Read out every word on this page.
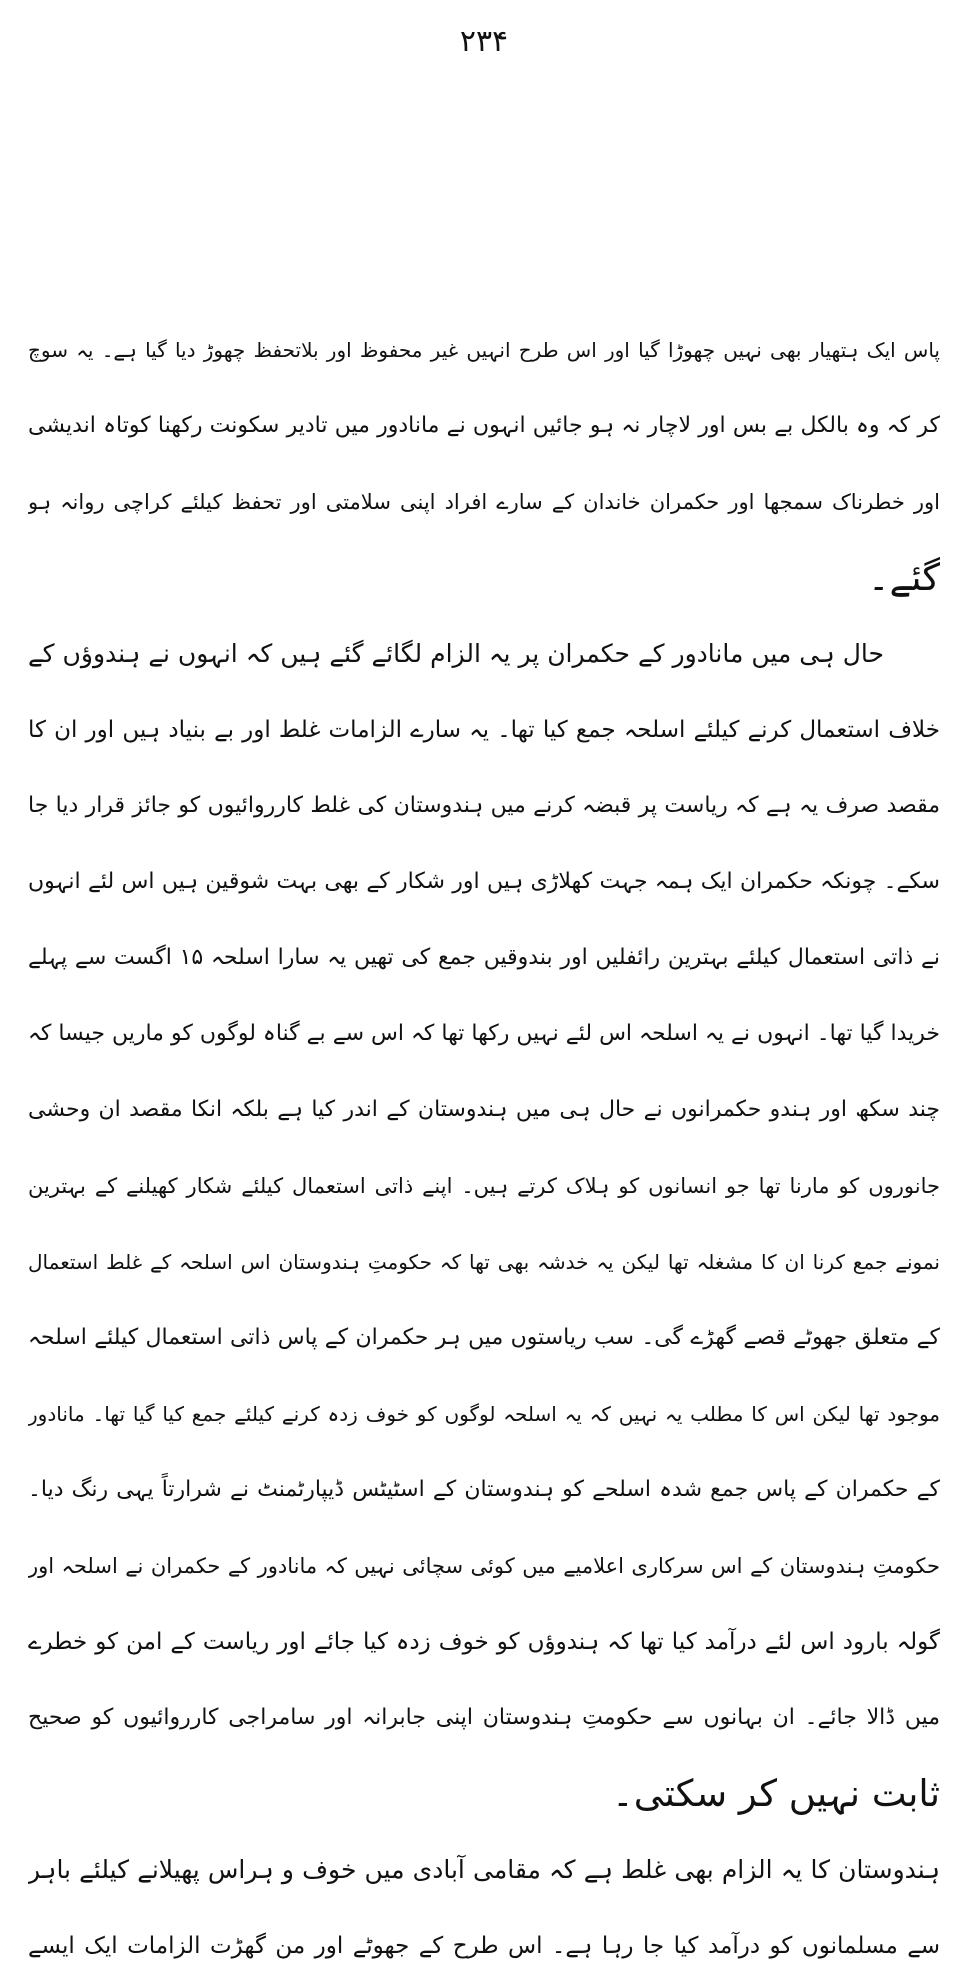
۲۳۴
پاس ایک ہتھیار بھی نہیں چھوڑا گیا اور اس طرح انہیں غیر محفوظ اور بلاتحفظ چھوڑ دیا گیا ہے۔ یہ سوچ
کر کہ وہ بالکل بے بس اور لاچار نہ ہو جائیں انہوں نے مانادور میں تادیر سکونت رکھنا کوتاہ اندیشی
اور خطرناک سمجھا اور حکمران خاندان کے سارے افراد اپنی سلامتی اور تحفظ کیلئے کراچی روانہ ہو
گئے۔
حال ہی میں مانادور کے حکمران پر یہ الزام لگائے گئے ہیں کہ انہوں نے ہندوؤں کے
خلاف استعمال کرنے کیلئے اسلحہ جمع کیا تھا۔ یہ سارے الزامات غلط اور بے بنیاد ہیں اور ان کا
مقصد صرف یہ ہے کہ ریاست پر قبضہ کرنے میں ہندوستان کی غلط کارروائیوں کو جائز قرار دیا جا
سکے۔ چونکہ حکمران ایک ہمہ جہت کھلاڑی ہیں اور شکار کے بھی بہت شوقین ہیں اس لئے انہوں
نے ذاتی استعمال کیلئے بہترین رائفلیں اور بندوقیں جمع کی تھیں یہ سارا اسلحہ ۱۵ اگست سے پہلے
خریدا گیا تھا۔ انہوں نے یہ اسلحہ اس لئے نہیں رکھا تھا کہ اس سے بے گناہ لوگوں کو ماریں جیسا کہ
چند سکھ اور ہندو حکمرانوں نے حال ہی میں ہندوستان کے اندر کیا ہے بلکہ انکا مقصد ان وحشی
جانوروں کو مارنا تھا جو انسانوں کو ہلاک کرتے ہیں۔ اپنے ذاتی استعمال کیلئے شکار کھیلنے کے بہترین
نمونے جمع کرنا ان کا مشغلہ تھا لیکن یہ خدشہ بھی تھا کہ حکومتِ ہندوستان اس اسلحہ کے غلط استعمال
کے متعلق جھوٹے قصے گھڑے گی۔ سب ریاستوں میں ہر حکمران کے پاس ذاتی استعمال کیلئے اسلحہ
موجود تھا لیکن اس کا مطلب یہ نہیں کہ یہ اسلحہ لوگوں کو خوف زدہ کرنے کیلئے جمع کیا گیا تھا۔ مانادور
کے حکمران کے پاس جمع شدہ اسلحے کو ہندوستان کے اسٹیٹس ڈیپارٹمنٹ نے شرارتاً یہی رنگ دیا۔
حکومتِ ہندوستان کے اس سرکاری اعلامیے میں کوئی سچائی نہیں کہ مانادور کے حکمران نے اسلحہ اور
گولہ بارود اس لئے درآمد کیا تھا کہ ہندوؤں کو خوف زدہ کیا جائے اور ریاست کے امن کو خطرے
میں ڈالا جائے۔ ان بہانوں سے حکومتِ ہندوستان اپنی جابرانہ اور سامراجی کارروائیوں کو صحیح
ثابت نہیں کر سکتی۔
ہندوستان کا یہ الزام بھی غلط ہے کہ مقامی آبادی میں خوف و ہراس پھیلانے کیلئے باہر
سے مسلمانوں کو درآمد کیا جا رہا ہے۔ اس طرح کے جھوٹے اور من گھڑت الزامات ایک ایسے
